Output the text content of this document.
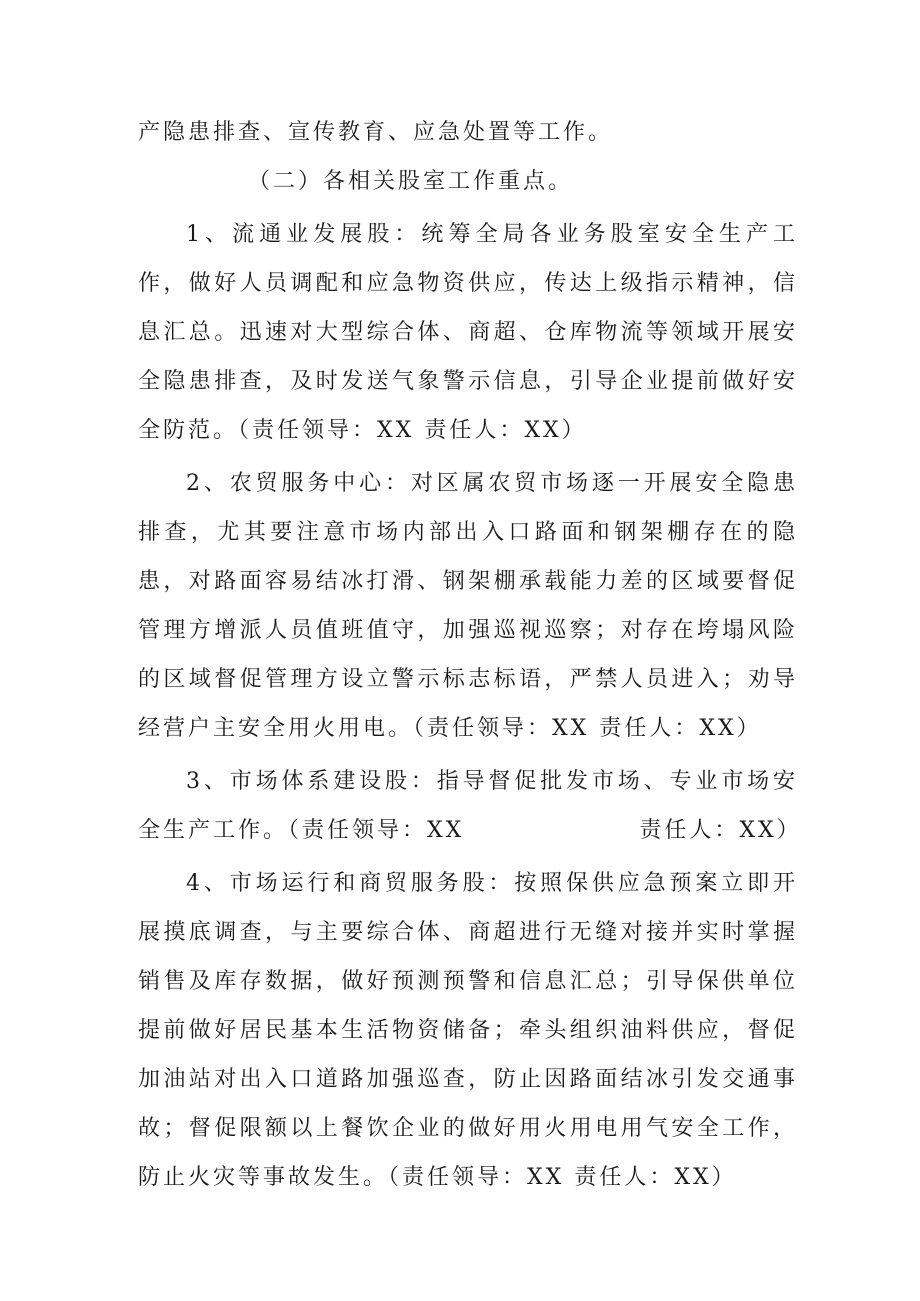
产隐患排查、宣传教育、应急处置等工作。

（二）各相关股室工作重点。

1、流通业发展股：统筹全局各业务股室安全生产工作，做好人员调配和应急物资供应，传达上级指示精神，信息汇总。迅速对大型综合体、商超、仓库物流等领域开展安全隐患排查，及时发送气象警示信息，引导企业提前做好安全防范。（责任领导：XX 责任人：XX）

2、农贸服务中心：对区属农贸市场逐一开展安全隐患排查，尤其要注意市场内部出入口路面和钢架棚存在的隐患，对路面容易结冰打滑、钢架棚承载能力差的区域要督促管理方增派人员值班值守，加强巡视巡察；对存在垮塌风险的区域督促管理方设立警示标志标语，严禁人员进入；劝导经营户主安全用火用电。（责任领导：XX 责任人：XX）

3、市场体系建设股：指导督促批发市场、专业市场安全生产工作。（责任领导：XX　　　　　　　责任人：XX）

4、市场运行和商贸服务股：按照保供应急预案立即开展摸底调查，与主要综合体、商超进行无缝对接并实时掌握销售及库存数据，做好预测预警和信息汇总；引导保供单位提前做好居民基本生活物资储备；牵头组织油料供应，督促加油站对出入口道路加强巡查，防止因路面结冰引发交通事故；督促限额以上餐饮企业的做好用火用电用气安全工作，防止火灾等事故发生。（责任领导：XX 责任人：XX）
